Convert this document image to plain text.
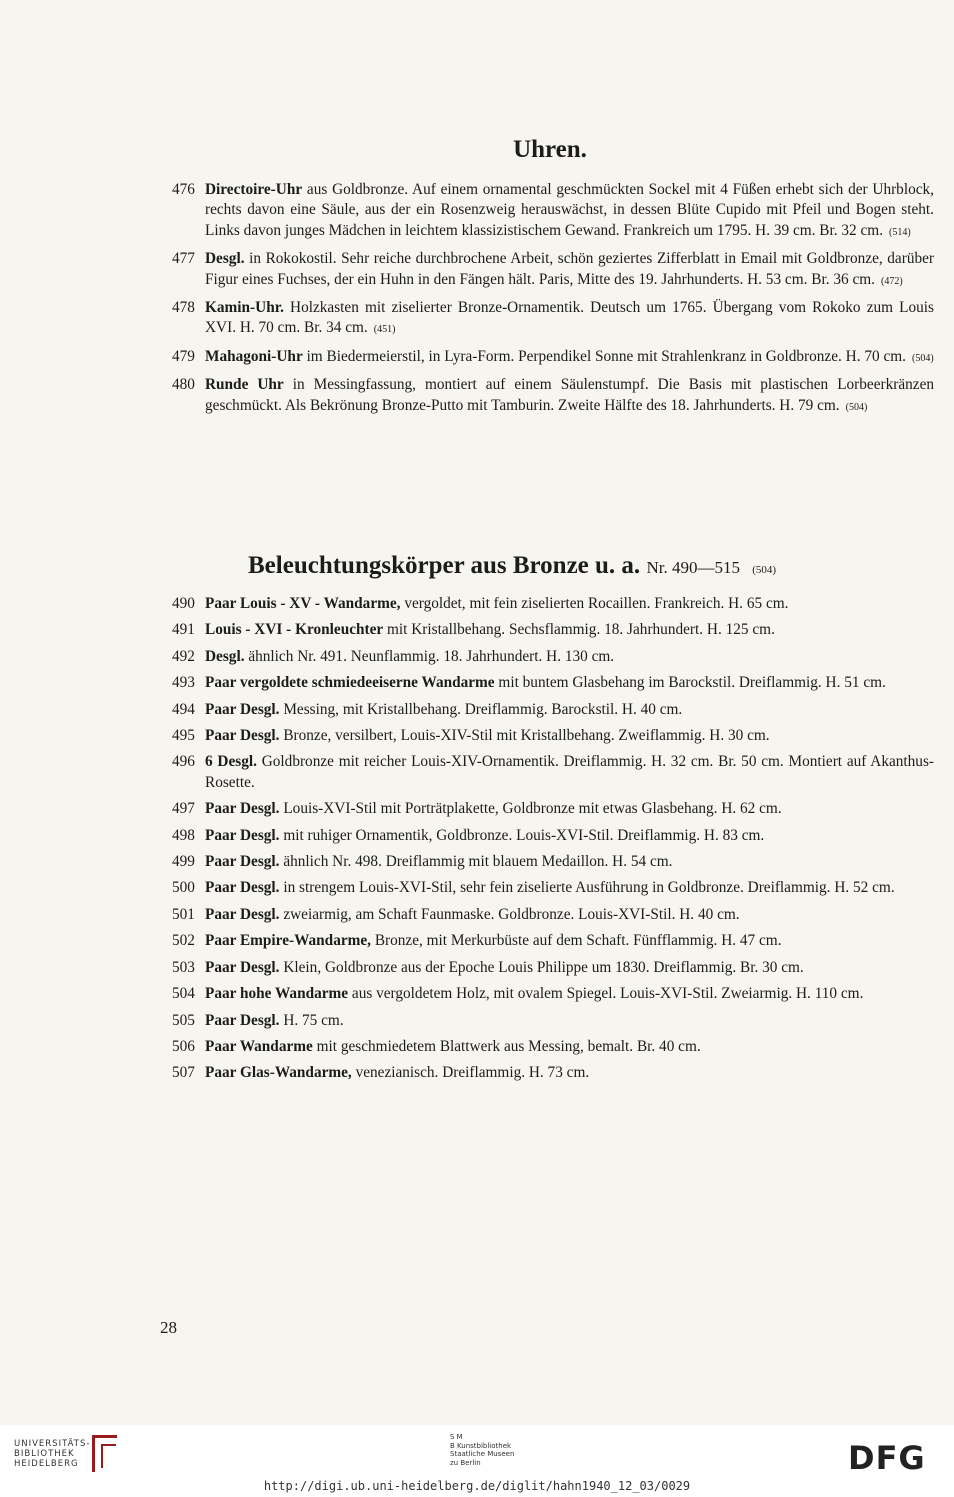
Uhren.
476 Directoire-Uhr aus Goldbronze. Auf einem ornamental geschmückten Sockel mit 4 Füßen erhebt sich der Uhrblock, rechts davon eine Säule, aus der ein Rosenzweig herauswächst, in dessen Blüte Cupido mit Pfeil und Bogen steht. Links davon junges Mädchen in leichtem klassizistischem Gewand. Frankreich um 1795. H. 39 cm. Br. 32 cm. (514)
477 Desgl. in Rokokostil. Sehr reiche durchbrochene Arbeit, schön geziertes Zifferblatt in Email mit Goldbronze, darüber Figur eines Fuchses, der ein Huhn in den Fängen hält. Paris, Mitte des 19. Jahrhunderts. H. 53 cm. Br. 36 cm. (472)
478 Kamin-Uhr. Holzkasten mit ziselierter Bronze-Ornamentik. Deutsch um 1765. Übergang vom Rokoko zum Louis XVI. H. 70 cm. Br. 34 cm. (451)
479 Mahagoni-Uhr im Biedermeierstil, in Lyra-Form. Perpendikel Sonne mit Strahlenkranz in Goldbronze. H. 70 cm. (504)
480 Runde Uhr in Messingfassung, montiert auf einem Säulenstumpf. Die Basis mit plastischen Lorbeerkränzen geschmückt. Als Bekrönung Bronze-Putto mit Tamburin. Zweite Hälfte des 18. Jahrhunderts. H. 79 cm. (504)
Beleuchtungskörper aus Bronze u. a. Nr. 490—515 (504)
490 Paar Louis - XV - Wandarme, vergoldet, mit fein ziselierten Rocaillen. Frankreich. H. 65 cm.
491 Louis - XVI - Kronleuchter mit Kristallbehang. Sechsflammig. 18. Jahrhundert. H. 125 cm.
492 Desgl. ähnlich Nr. 491. Neunflammig. 18. Jahrhundert. H. 130 cm.
493 Paar vergoldete schmiedeeiserne Wandarme mit buntem Glasbehang im Barockstil. Dreiflammig. H. 51 cm.
494 Paar Desgl. Messing, mit Kristallbehang. Dreiflammig. Barockstil. H. 40 cm.
495 Paar Desgl. Bronze, versilbert, Louis-XIV-Stil mit Kristallbehang. Zweiflammig. H. 30 cm.
496 6 Desgl. Goldbronze mit reicher Louis-XIV-Ornamentik. Dreiflammig. H. 32 cm. Br. 50 cm. Montiert auf Akanthus-Rosette.
497 Paar Desgl. Louis-XVI-Stil mit Porträtplakette, Goldbronze mit etwas Glasbehang. H. 62 cm.
498 Paar Desgl. mit ruhiger Ornamentik, Goldbronze. Louis-XVI-Stil. Dreiflammig. H. 83 cm.
499 Paar Desgl. ähnlich Nr. 498. Dreiflammig mit blauem Medaillon. H. 54 cm.
500 Paar Desgl. in strengem Louis-XVI-Stil, sehr fein ziselierte Ausführung in Goldbronze. Dreiflammig. H. 52 cm.
501 Paar Desgl. zweiarmig, am Schaft Faunmaske. Goldbronze. Louis-XVI-Stil. H. 40 cm.
502 Paar Empire-Wandarme, Bronze, mit Merkurbüste auf dem Schaft. Fünfflammig. H. 47 cm.
503 Paar Desgl. Klein, Goldbronze aus der Epoche Louis Philippe um 1830. Dreiflammig. Br. 30 cm.
504 Paar hohe Wandarme aus vergoldetem Holz, mit ovalem Spiegel. Louis-XVI-Stil. Zweiarmig. H. 110 cm.
505 Paar Desgl. H. 75 cm.
506 Paar Wandarme mit geschmiedetem Blattwerk aus Messing, bemalt. Br. 40 cm.
507 Paar Glas-Wandarme, venezianisch. Dreiflammig. H. 73 cm.
28
UNIVERSITÄTS-
BIBLIOTHEK
HEIDELBERG
S M
B Kunstbibliothek
Staatliche Museen
zu Berlin	DFG
http://digi.ub.uni-heidelberg.de/diglit/hahn1940_12_03/0029
